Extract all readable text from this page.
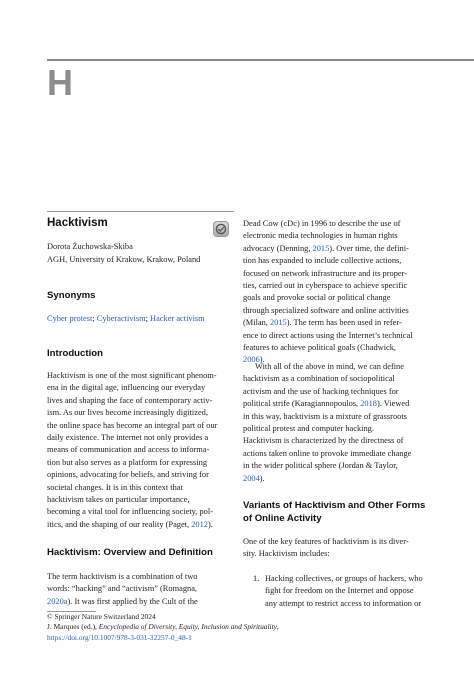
H
Hacktivism
Dorota Żuchowska-Skiba
AGH, University of Krakow, Krakow, Poland
Synonyms
Cyber protest; Cyberactivism; Hacker activism
Introduction
Hacktivism is one of the most significant phenom-
ena in the digital age, influencing our everyday
lives and shaping the face of contemporary activ-
ism. As our lives become increasingly digitized,
the online space has become an integral part of our
daily existence. The internet not only provides a
means of communication and access to informa-
tion but also serves as a platform for expressing
opinions, advocating for beliefs, and striving for
societal changes. It is in this context that
hacktivism takes on particular importance,
becoming a vital tool for influencing society, pol-
itics, and the shaping of our reality (Paget, 2012).
Hacktivism: Overview and Definition
The term hacktivism is a combination of two
words: “hacking” and “activism” (Romagna,
2020a). It was first applied by the Cult of the
Dead Cow (cDc) in 1996 to describe the use of
electronic media technologies in human rights
advocacy (Denning, 2015). Over time, the defini-
tion has expanded to include collective actions,
focused on network infrastructure and its proper-
ties, carried out in cyberspace to achieve specific
goals and provoke social or political change
through specialized software and online activities
(Milan, 2015). The term has been used in refer-
ence to direct actions using the Internet’s technical
features to achieve political goals (Chadwick,
2006).
With all of the above in mind, we can define
hacktivism as a combination of sociopolitical
activism and the use of hacking techniques for
political strife (Karagiannopoulos, 2018). Viewed
in this way, hacktivism is a mixture of grassroots
political protest and computer hacking.
Hacktivism is characterized by the directness of
actions taken online to provoke immediate change
in the wider political sphere (Jordan & Taylor,
2004).
Variants of Hacktivism and Other Forms
of Online Activity
One of the key features of hacktivism is its diver-
sity. Hacktivism includes:
1. Hacking collectives, or groups of hackers, who
fight for freedom on the Internet and oppose
any attempt to restrict access to information or
© Springer Nature Switzerland 2024
J. Marques (ed.), Encyclopedia of Diversity, Equity, Inclusion and Spirituality,
https://doi.org/10.1007/978-3-031-32257-0_48-1
